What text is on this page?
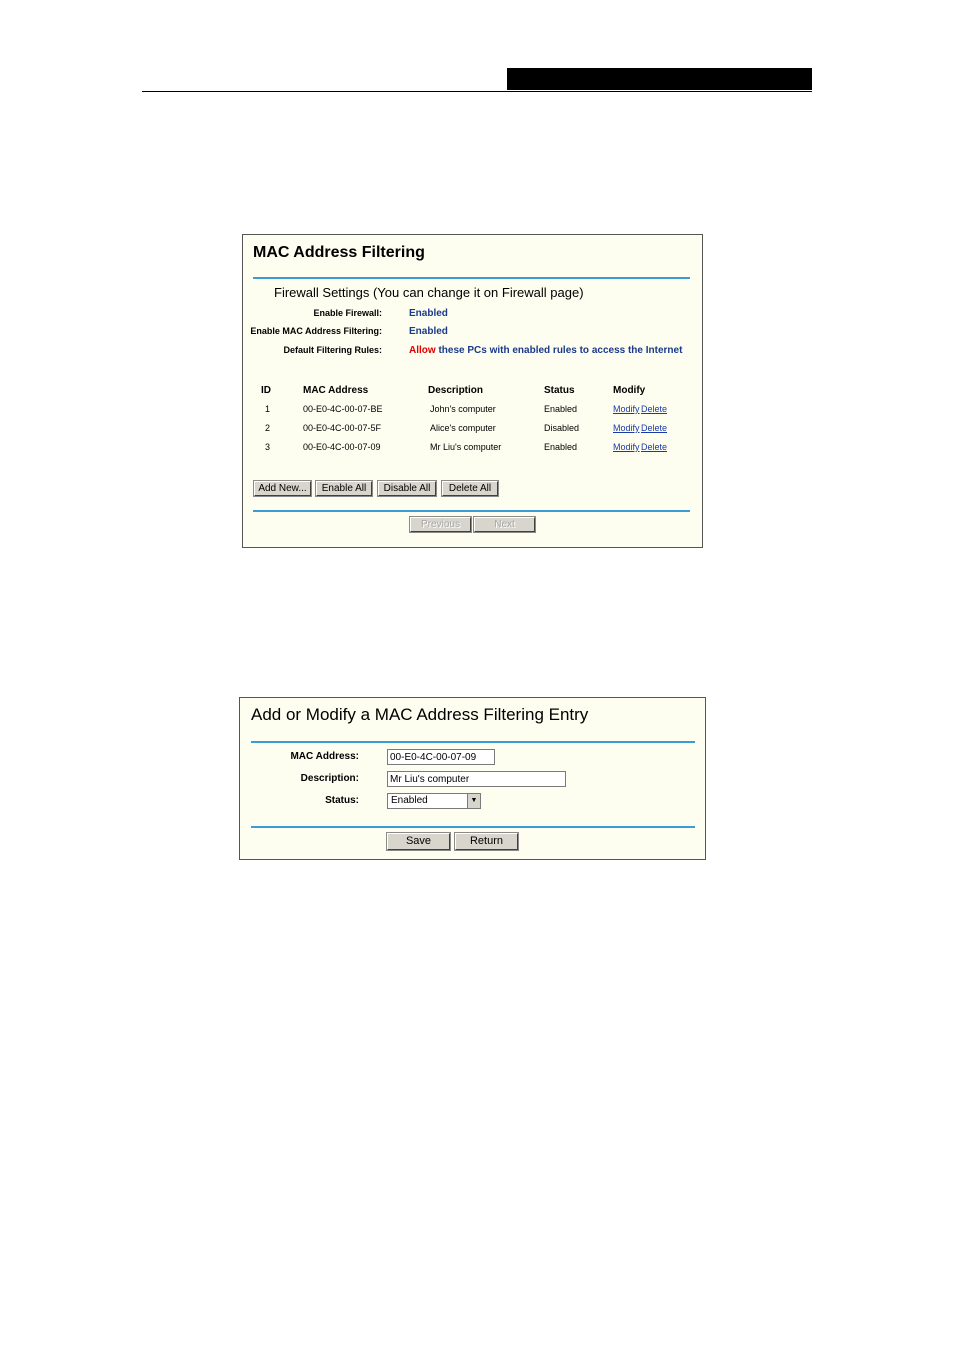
MAC Address Filtering
Firewall Settings (You can change it on Firewall page)
Enable Firewall:	Enabled
Enable MAC Address Filtering:	Enabled
Default Filtering Rules:	Allow these PCs with enabled rules to access the Internet
ID	MAC Address	Description	Status	Modify
1	00-E0-4C-00-07-BE	John's computer	Enabled	Modify Delete
2	00-E0-4C-00-07-5F	Alice's computer	Disabled	Modify Delete
3	00-E0-4C-00-07-09	Mr Liu's computer	Enabled	Modify Delete
Add New...	Enable All	Disable All	Delete All
Previous	Next
Add or Modify a MAC Address Filtering Entry
MAC Address:
00-E0-4C-00-07-09
Description:
Mr Liu's computer
Status:	Enabled	▼
Save	Return
